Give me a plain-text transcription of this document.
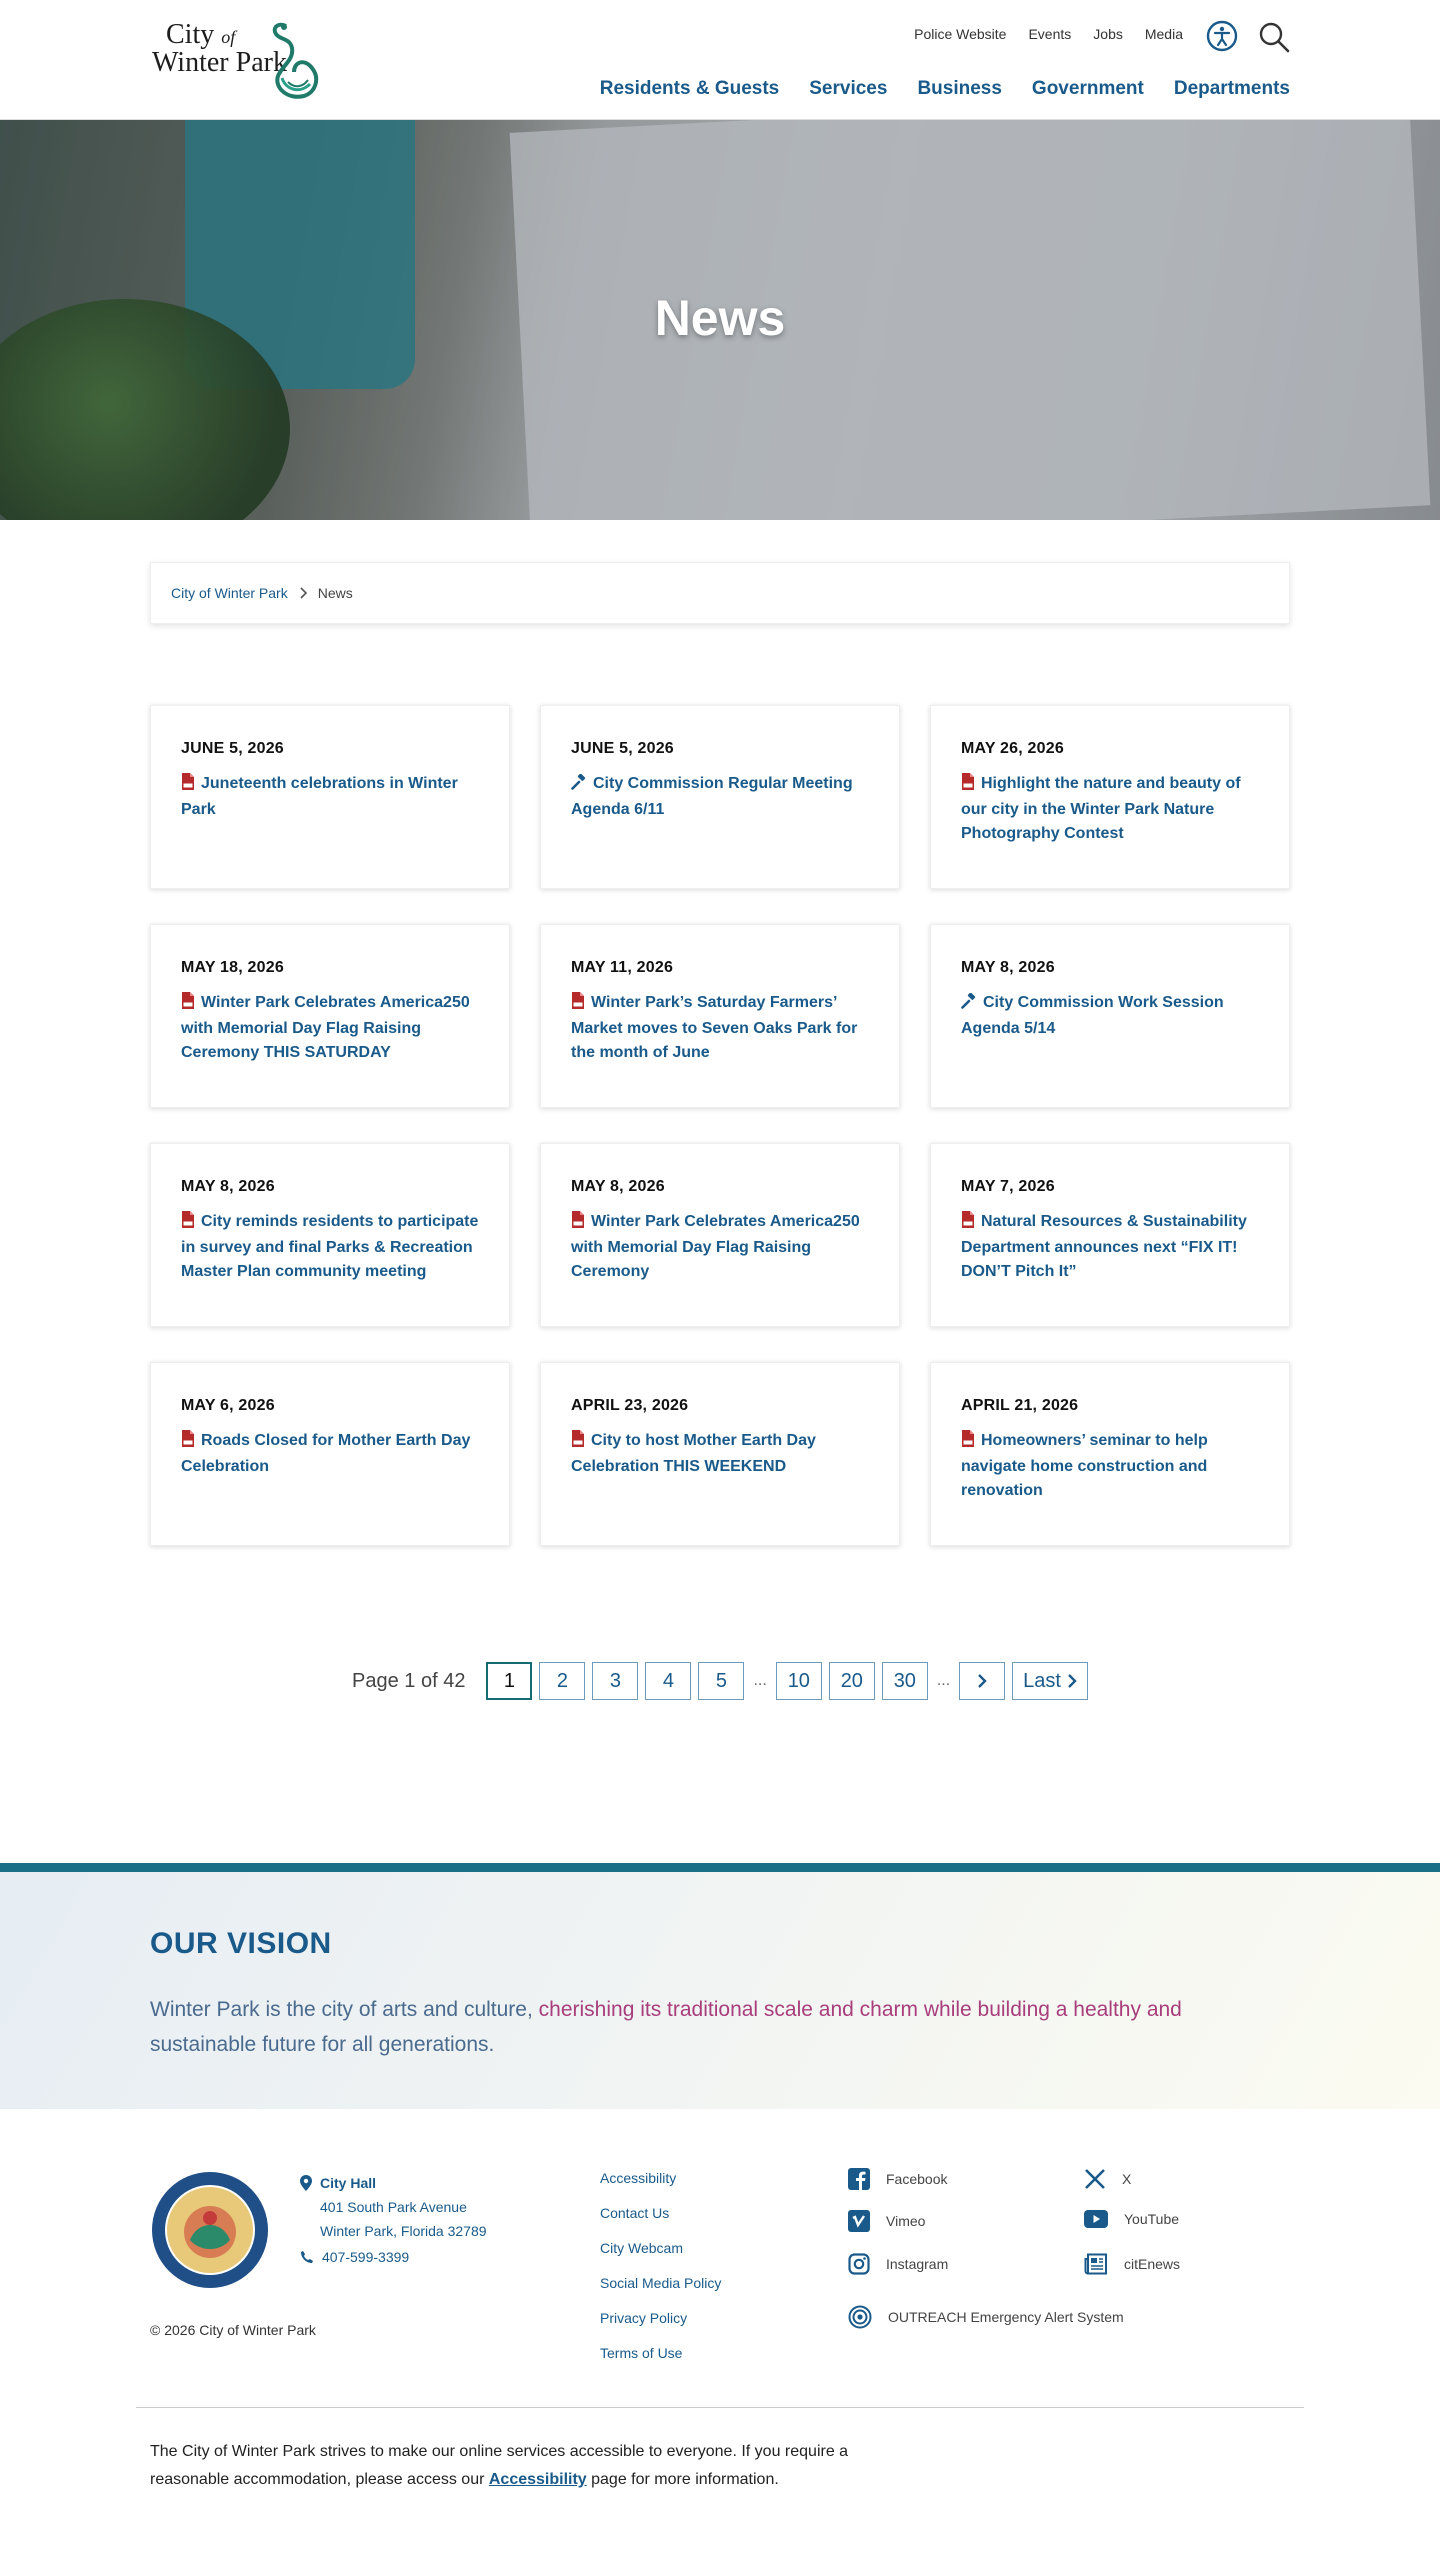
City of
Winter Park
Police Website Events Jobs Media
Residents & Guests Services Business Government Departments
News
City of Winter Park News
JUNE 5, 2026
Juneteenth celebrations in Winter Park
JUNE 5, 2026
City Commission Regular Meeting Agenda 6/11
MAY 26, 2026
Highlight the nature and beauty of our city in the Winter Park Nature Photography Contest
MAY 18, 2026
Winter Park Celebrates America250 with Memorial Day Flag Raising Ceremony THIS SATURDAY
MAY 11, 2026
Winter Park’s Saturday Farmers’ Market moves to Seven Oaks Park for the month of June
MAY 8, 2026
City Commission Work Session Agenda 5/14
MAY 8, 2026
City reminds residents to participate in survey and final Parks & Recreation Master Plan community meeting
MAY 8, 2026
Winter Park Celebrates America250 with Memorial Day Flag Raising Ceremony
MAY 7, 2026
Natural Resources & Sustainability Department announces next “FIX IT! DON’T Pitch It”
MAY 6, 2026
Roads Closed for Mother Earth Day Celebration
APRIL 23, 2026
City to host Mother Earth Day Celebration THIS WEEKEND
APRIL 21, 2026
Homeowners’ seminar to help navigate home construction and renovation
Page 1 of 42	1	2	3	4	5	...	10	20	30	...	Last
OUR VISION

Winter Park is the city of arts and culture, cherishing its traditional scale and charm while building a healthy and
sustainable future for all generations.

City Hall
401 South Park Avenue
Winter Park, Florida 32789
407-599-3399
© 2026 City of Winter Park
Accessibility
Contact Us
City Webcam
Social Media Policy
Privacy Policy
Terms of Use
Facebook	X
Vimeo	YouTube
Instagram	citEnews
OUTREACH Emergency Alert System
The City of Winter Park strives to make our online services accessible to everyone. If you require a reasonable accommodation, please access our Accessibility page for more information.
